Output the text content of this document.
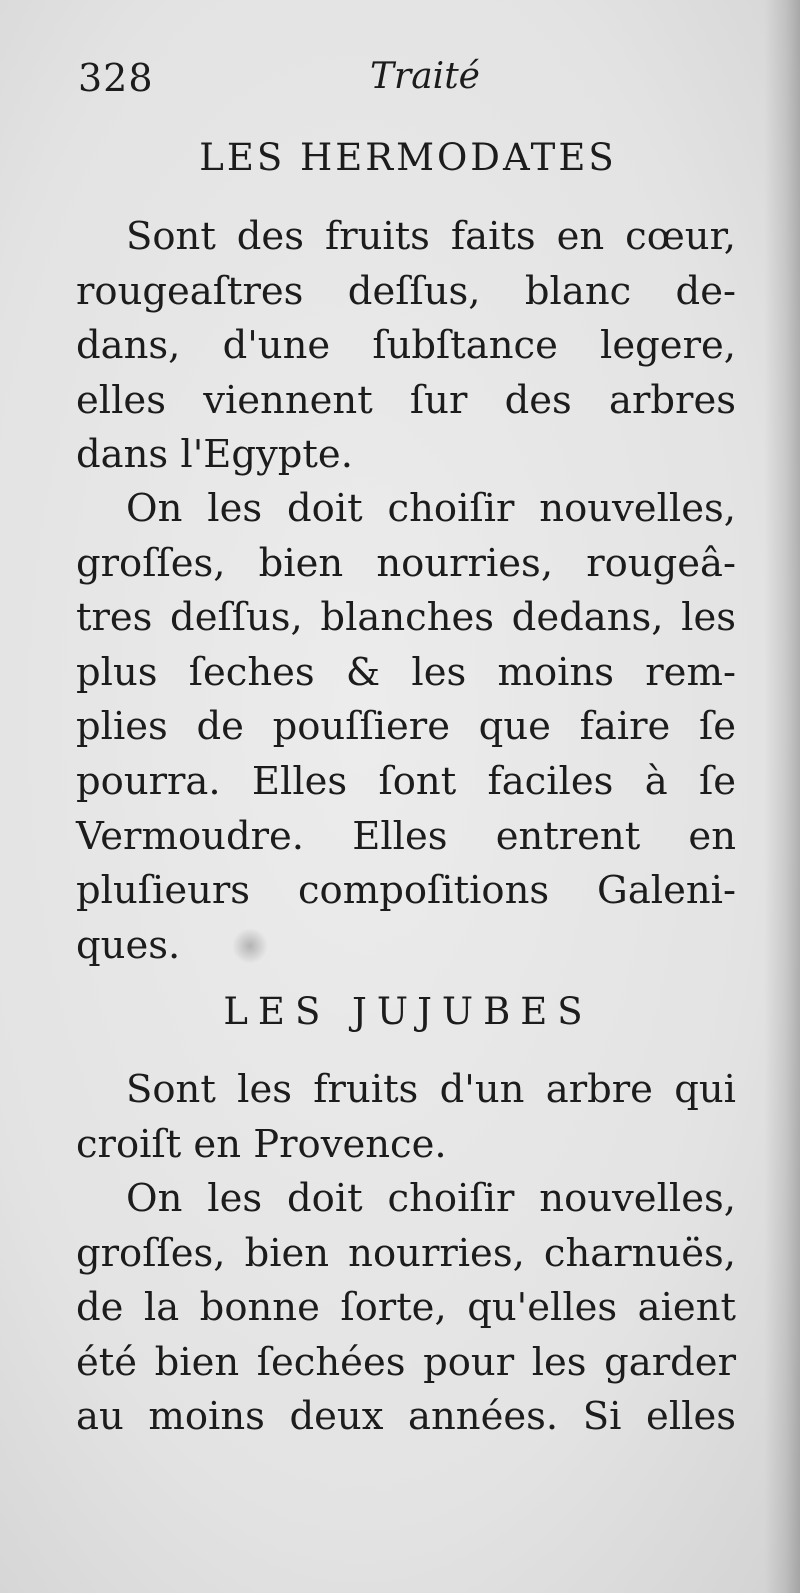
328	Traité
LES HERMODATES

Sont des fruits faits en cœur,
rougeaſtres deſſus, blanc de-
dans, d'une ſubſtance legere,
elles viennent ſur des arbres
dans l'Egypte.

On les doit choiſir nouvelles,
groſſes, bien nourries, rougeâ-
tres deſſus, blanches dedans, les
plus ſeches & les moins rem-
plies de pouſſiere que faire ſe
pourra. Elles ſont faciles à ſe
Vermoudre. Elles entrent en
pluſieurs compoſitions Galeni-
ques.

LES JUJUBES

Sont les fruits d'un arbre qui
croiſt en Provence.

On les doit choiſir nouvelles,
groſſes, bien nourries, charnuës,
de la bonne ſorte, qu'elles aient
été bien ſechées pour les garder
au moins deux années. Si elles
